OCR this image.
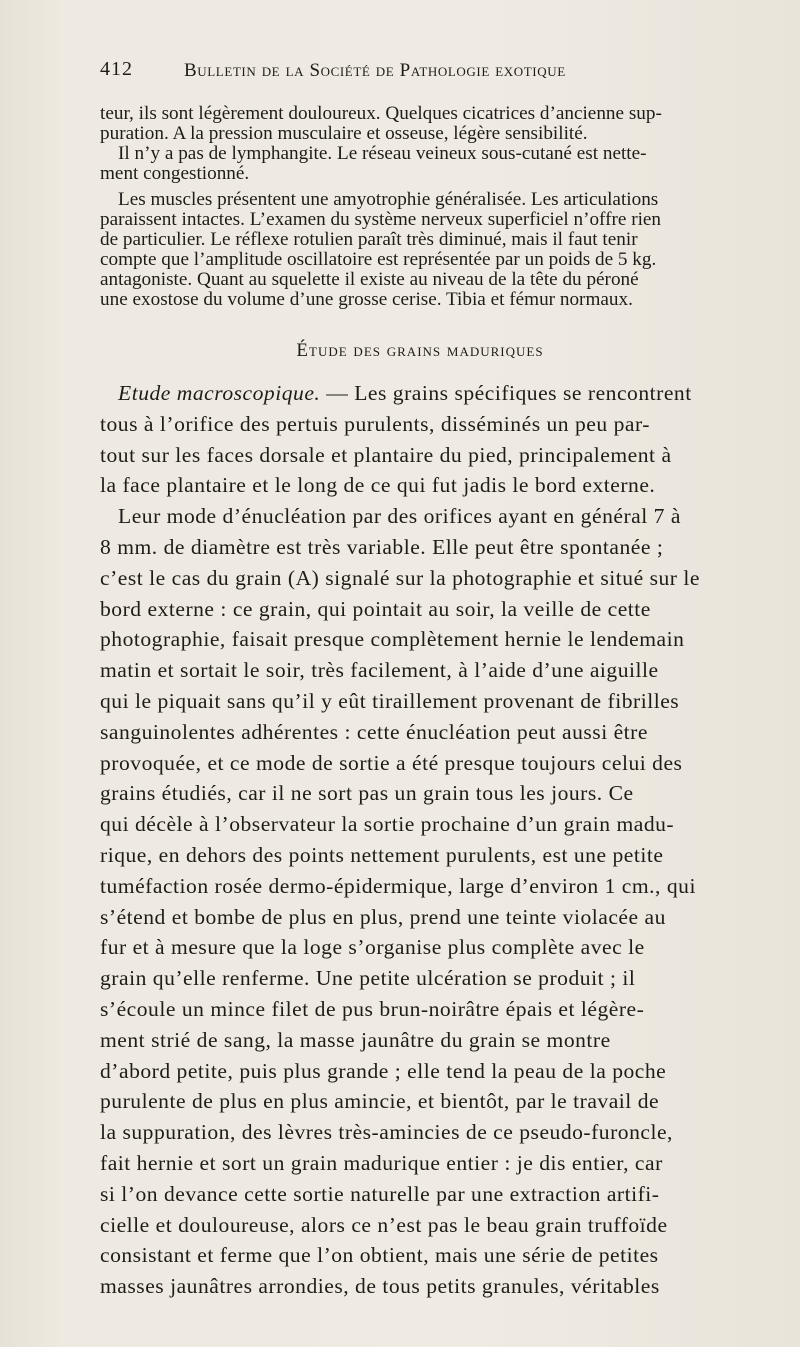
412	Bulletin de la Société de Pathologie exotique
teur, ils sont légèrement douloureux. Quelques cicatrices d’ancienne sup-
puration. A la pression musculaire et osseuse, légère sensibilité.
Il n’y a pas de lymphangite. Le réseau veineux sous-cutané est nette-
ment congestionné.
Les muscles présentent une amyotrophie généralisée. Les articulations
paraissent intactes. L’examen du système nerveux superficiel n’offre rien
de particulier. Le réflexe rotulien paraît très diminué, mais il faut tenir
compte que l’amplitude oscillatoire est représentée par un poids de 5 kg.
antagoniste. Quant au squelette il existe au niveau de la tête du péroné
une exostose du volume d’une grosse cerise. Tibia et fémur normaux.
Étude des grains maduriques
Etude macroscopique. — Les grains spécifiques se rencontrent
tous à l’orifice des pertuis purulents, disséminés un peu par-
tout sur les faces dorsale et plantaire du pied, principalement à
la face plantaire et le long de ce qui fut jadis le bord externe.
Leur mode d’énucléation par des orifices ayant en général 7 à
8 mm. de diamètre est très variable. Elle peut être spontanée ;
c’est le cas du grain (A) signalé sur la photographie et situé sur le
bord externe : ce grain, qui pointait au soir, la veille de cette
photographie, faisait presque complètement hernie le lendemain
matin et sortait le soir, très facilement, à l’aide d’une aiguille
qui le piquait sans qu’il y eût tiraillement provenant de fibrilles
sanguinolentes adhérentes : cette énucléation peut aussi être
provoquée, et ce mode de sortie a été presque toujours celui des
grains étudiés, car il ne sort pas un grain tous les jours. Ce
qui décèle à l’observateur la sortie prochaine d’un grain madu-
rique, en dehors des points nettement purulents, est une petite
tuméfaction rosée dermo-épidermique, large d’environ 1 cm., qui
s’étend et bombe de plus en plus, prend une teinte violacée au
fur et à mesure que la loge s’organise plus complète avec le
grain qu’elle renferme. Une petite ulcération se produit ; il
s’écoule un mince filet de pus brun-noirâtre épais et légère-
ment strié de sang, la masse jaunâtre du grain se montre
d’abord petite, puis plus grande ; elle tend la peau de la poche
purulente de plus en plus amincie, et bientôt, par le travail de
la suppuration, des lèvres très-amincies de ce pseudo-furoncle,
fait hernie et sort un grain madurique entier : je dis entier, car
si l’on devance cette sortie naturelle par une extraction artifi-
cielle et douloureuse, alors ce n’est pas le beau grain truffoïde
consistant et ferme que l’on obtient, mais une série de petites
masses jaunâtres arrondies, de tous petits granules, véritables
